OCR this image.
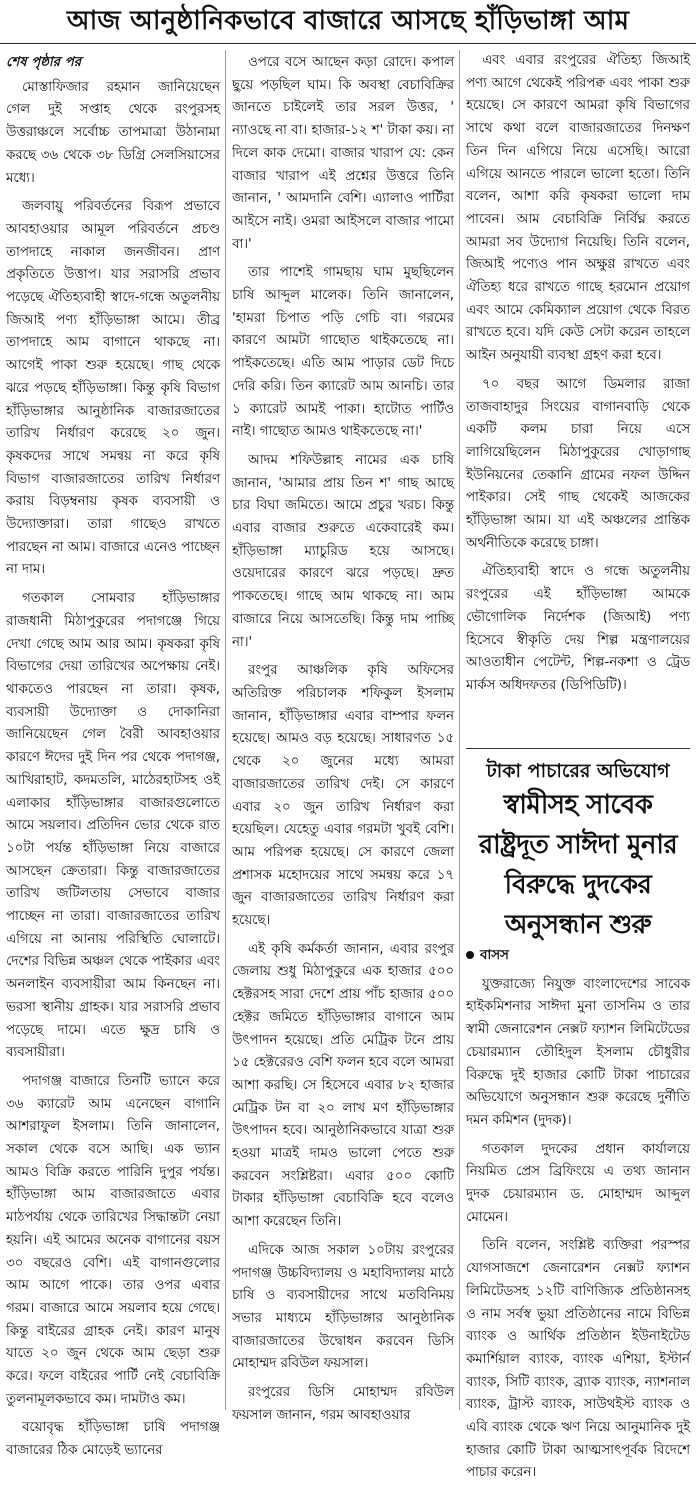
আজ আনুষ্ঠানিকভাবে বাজারে আসছে হাঁড়িভাঙ্গা আম

শেষ পৃষ্ঠার পর

মোস্তাফিজার রহমান জানিয়েছেন গেল দুই সপ্তাহ থেকে রংপুরসহ উত্তরাঞ্চলে সর্বোচ্চ তাপমাত্রা উঠানামা করছে ৩৬ থেকে ৩৮ ডিগ্রি সেলসিয়াসের মধ্যে।

জলবায়ু পরিবর্তনের বিরূপ প্রভাবে আবহাওয়ার আমূল পরিবর্তনে প্রচণ্ড তাপদাহে নাকাল জনজীবন। প্রাণ প্রকৃতিতে উত্তাপ। যার সরাসরি প্রভাব পড়েছে ঐতিহ্যবাহী স্বাদে-গন্ধে অতুলনীয় জিআই পণ্য হাঁড়িভাঙ্গা আমে। তীব্র তাপদাহে আম বাগানে থাকছে না। আগেই পাকা শুরু হয়েছে। গাছ থেকে ঝরে পড়ছে হাঁড়িভাঙ্গা। কিন্তু কৃষি বিভাগ হাঁড়িভাঙ্গার আনুষ্ঠানিক বাজারজাতের তারিখ নির্ধারণ করেছে ২০ জুন। কৃষকদের সাথে সমন্বয় না করে কৃষি বিভাগ বাজারজাতের তারিখ নির্ধারণ করায় বিড়ম্বনায় কৃষক ব্যবসায়ী ও উদ্যোক্তারা। তারা গাছেও রাখতে পারছেন না আম। বাজারে এনেও পাচ্ছেন না দাম।

গতকাল সোমবার হাঁড়িভাঙ্গার রাজধানী মিঠাপুকুরের পদাগঞ্জে গিয়ে দেখা গেছে আম আর আম। কৃষকরা কৃষি বিভাগের দেয়া তারিখের অপেক্ষায় নেই। থাকতেও পারছেন না তারা। কৃষক, ব্যবসায়ী উদ্যোক্তা ও দোকানিরা জানিয়েছেন গেল বৈরী আবহাওয়ার কারণে ঈদের দুই দিন পর থেকে পদাগঞ্জ, আখিরাহাট, কদমতলি, মাঠেরহাটসহ ওই এলাকার হাঁড়িভাঙ্গার বাজারগুলোতে আমে সয়লাব। প্রতিদিন ভোর থেকে রাত ১০টা পর্যন্ত হাঁড়িভাঙ্গা নিয়ে বাজারে আসছেন ক্রেতারা। কিন্তু বাজারজাতের তারিখ জটিলতায় সেভাবে বাজার পাচ্ছেন না তারা। বাজারজাতের তারিখ এগিয়ে না আনায় পরিস্থিতি ঘোলাটে। দেশের বিভিন্ন অঞ্চল থেকে পাইকার এবং অনলাইন ব্যবসায়ীরা আম কিনছেন না। ভরসা স্থানীয় গ্রাহক। যার সরাসরি প্রভাব পড়েছে দামে। এতে ক্ষুদ্র চাষি ও ব্যবসায়ীরা।

পদাগঞ্জ বাজারে তিনটি ভ্যানে করে ৩৬ ক্যারেট আম এনেছেন বাগানি আশরাফুল ইসলাম। তিনি জানালেন, সকাল থেকে বসে আছি। এক ভ্যান আমও বিক্রি করতে পারিনি দুপুর পর্যন্ত। হাঁড়িভাঙ্গা আম বাজারজাতে এবার মাঠপর্যায় থেকে তারিখের সিদ্ধান্তটা নেয়া হয়নি। এই আমের অনেক বাগানের বয়স ৩০ বছরেও বেশি। এই বাগানগুলোর আম আগে পাকে। তার ওপর এবার গরম। বাজারে আমে সয়লাব হয়ে গেছে। কিন্তু বাইরের গ্রাহক নেই। কারণ মানুষ যাতে ২০ জুন থেকে আম ছেড়া শুরু করে। ফলে বাইরের পার্টি নেই বেচাবিক্রি তুলনামূলকভাবে কম। দামটাও কম।

বয়োবৃদ্ধ হাঁড়িভাঙ্গা চাষি পদাগঞ্জ বাজারের ঠিক মোড়েই ভ্যানের

ওপরে বসে আছেন কড়া রোদে। কপাল ছুয়ে পড়ছিল ঘাম। কি অবস্থা বেচাবিক্রির জানতে চাইলেই তার সরল উত্তর, ' ন্যাওছে না বা। হাজার-১২ শ' টাকা কয়। না দিলে কাক দেমো। বাজার খারাপ যে: কেন বাজার খারাপ এই প্রশ্নের উত্তরে তিনি জানান, ' আমদানি বেশি। এ্যালাও পার্টিরা আইসে নাই। ওমরা আইসলে বাজার পামো বা।'

তার পাশেই গামছায় ঘাম মুছছিলেন চাষি আব্দুল মালেক। তিনি জানালেন, 'হামরা চিপাত পড়ি গেচি বা। গরমের কারণে আমটা গাছোত থাইকতেছে না। পাইকতেছে। এতি আম পাড়ার ডেট দিচে দেরি করি। তিন ক্যারেট আম আনচি। তার ১ ক্যারেট আমই পাকা। হাটোত পার্টিও নাই। গাছোত আমও থাইকতেছে না।'

আদম শফিউল্লাহ নামের এক চাষি জানান, 'আমার প্রায় তিন শ' গাছ আছে চার বিঘা জমিতে। আমে প্রচুর খরচ। কিন্তু এবার বাজার শুরুতে একেবারেই কম। হাঁড়িভাঙ্গা ম্যাচুরিড হয়ে আসছে। ওয়েদারের কারণে ঝরে পড়ছে। দ্রুত পাকতেছে। গাছে আম থাকছে না। আম বাজারে নিয়ে আসতেছি। কিন্তু দাম পাচ্ছি না।'

রংপুর আঞ্চলিক কৃষি অফিসের অতিরিক্ত পরিচালক শফিকুল ইসলাম জানান, হাঁড়িভাঙ্গার এবার বাম্পার ফলন হয়েছে। আমও বড় হয়েছে। সাধারণত ১৫ থেকে ২০ জুনের মধ্যে আমরা বাজারজাতের তারিখ দেই। সে কারণে এবার ২০ জুন তারিখ নির্ধারণ করা হয়েছিল। যেহেতু এবার গরমটা খুবই বেশি। আম পরিপক্ব হয়েছে। সে কারণে জেলা প্রশাসক মহোদয়ের সাথে সমন্বয় করে ১৭ জুন বাজারজাতের তারিখ নির্ধারণ করা হয়েছে।

এই কৃষি কর্মকর্তা জানান, এবার রংপুর জেলায় শুধু মিঠাপুকুরে এক হাজার ৫০০ হেক্টরসহ সারা দেশে প্রায় পাঁচ হাজার ৫০০ হেক্টর জমিতে হাঁড়িভাঙ্গার বাগানে আম উৎপাদন হয়েছে। প্রতি মেট্রিক টনে প্রায় ১৫ হেক্টরেরও বেশি ফলন হবে বলে আমরা আশা করছি। সে হিসেবে এবার ৮২ হাজার মেট্রিক টন বা ২০ লাখ মণ হাঁড়িভাঙ্গার উৎপাদন হবে। আনুষ্ঠানিকভাবে যাত্রা শুরু হওয়া মাত্রই দামও ভালো পেতে শুরু করবেন সংশ্লিষ্টরা। এবার ৫০০ কোটি টাকার হাঁড়িভাঙ্গা বেচাবিক্রি হবে বলেও আশা করেছেন তিনি।

এদিকে আজ সকাল ১০টায় রংপুরের পদাগঞ্জ উচ্চবিদ্যালয় ও মহাবিদ্যালয় মাঠে চাষি ও ব্যবসায়ীদের সাথে মতবিনিময় সভার মাধ্যমে হাঁড়িভাঙ্গার আনুষ্ঠানিক বাজারজাতের উদ্বোধন করবেন ডিসি মোহাম্মদ রবিউল ফয়সাল।

রংপুরের ডিসি মোহাম্মদ রবিউল ফয়সাল জানান, গরম আবহাওয়ার

এবং এবার রংপুরের ঐতিহ্য জিআই পণ্য আগে থেকেই পরিপক্ব এবং পাকা শুরু হয়েছে। সে কারণে আমরা কৃষি বিভাগের সাথে কথা বলে বাজারজাতের দিনক্ষণ তিন দিন এগিয়ে নিয়ে এসেছি। আরো এগিয়ে আনতে পারলে ভালো হতো। তিনি বলেন, আশা করি কৃষকরা ভালো দাম পাবেন। আম বেচাবিক্রি নির্বিঘ্ন করতে আমরা সব উদ্যোগ নিয়েছি। তিনি বলেন, জিআই পণ্যেও পান অক্ষুণ্ণ রাখতে এবং ঐতিহ্য ধরে রাখতে গাছে হরমোন প্রয়োগ এবং আমে কেমিক্যাল প্রয়োগ থেকে বিরত রাখতে হবে। যদি কেউ সেটা করেন তাহলে আইন অনুযায়ী ব্যবস্থা গ্রহণ করা হবে।

৭০ বছর আগে ডিমলার রাজা তাজবাহাদুর সিংয়ের বাগানবাড়ি থেকে একটি কলম চারা নিয়ে এসে লাগিয়েছিলেন মিঠাপুকুরের খোড়াগাছ ইউনিয়নের তেকানি গ্রামের নফল উদ্দিন পাইকার। সেই গাছ থেকেই আজকের হাঁড়িভাঙ্গা আম। যা এই অঞ্চলের প্রান্তিক অর্থনীতিকে করেছে চাঙ্গা।

ঐতিহ্যবাহী স্বাদে ও গন্ধে অতুলনীয় রংপুরের এই হাঁড়িভাঙ্গা আমকে ভৌগোলিক নির্দেশক (জিআই) পণ্য হিসেবে স্বীকৃতি দেয় শিল্প মন্ত্রণালয়ের আওতাধীন পেটেন্ট, শিল্প-নকশা ও ট্রেড মার্কস অধিদফতর (ডিপিডিটি)।

টাকা পাচারের অভিযোগ
স্বামীসহ সাবেক রাষ্ট্রদূত সাঈদা মুনার বিরুদ্ধে দুদকের অনুসন্ধান শুরু

বাসস

যুক্তরাজ্যে নিযুক্ত বাংলাদেশের সাবেক হাইকমিশনার সাঈদা মুনা তাসনিম ও তার স্বামী জেনারেশন নেক্সট ফ্যাশন লিমিটেডের চেয়ারম্যান তৌহিদুল ইসলাম চৌধুরীর বিরুদ্ধে দুই হাজার কোটি টাকা পাচারের অভিযোগে অনুসন্ধান শুরু করেছে দুর্নীতি দমন কমিশন (দুদক)।

গতকাল দুদকের প্রধান কার্যালয়ে নিয়মিত প্রেস ব্রিফিংয়ে এ তথ্য জানান দুদক চেয়ারম্যান ড. মোহাম্মদ আব্দুল মোমেন।

তিনি বলেন, সংশ্লিষ্ট ব্যক্তিরা পরস্পর যোগসাজশে জেনারেশন নেক্সট ফ্যাশন লিমিটেডসহ ১২টি বাণিজ্যিক প্রতিষ্ঠানসহ ও নাম সর্বস্ব ভুয়া প্রতিষ্ঠানের নামে বিভিন্ন ব্যাংক ও আর্থিক প্রতিষ্ঠান ইউনাইটেড কমার্শিয়াল ব্যাংক, ব্যাংক এশিয়া, ইস্টার্ন ব্যাংক, সিটি ব্যাংক, ব্র্যাক ব্যাংক, ন্যাশনাল ব্যাংক, ট্রাস্ট ব্যাংক, সাউথইস্ট ব্যাংক ও এবি ব্যাংক থেকে ঋণ নিয়ে আনুমানিক দুই হাজার কোটি টাকা আত্মসাৎপূর্বক বিদেশে পাচার করেন।
